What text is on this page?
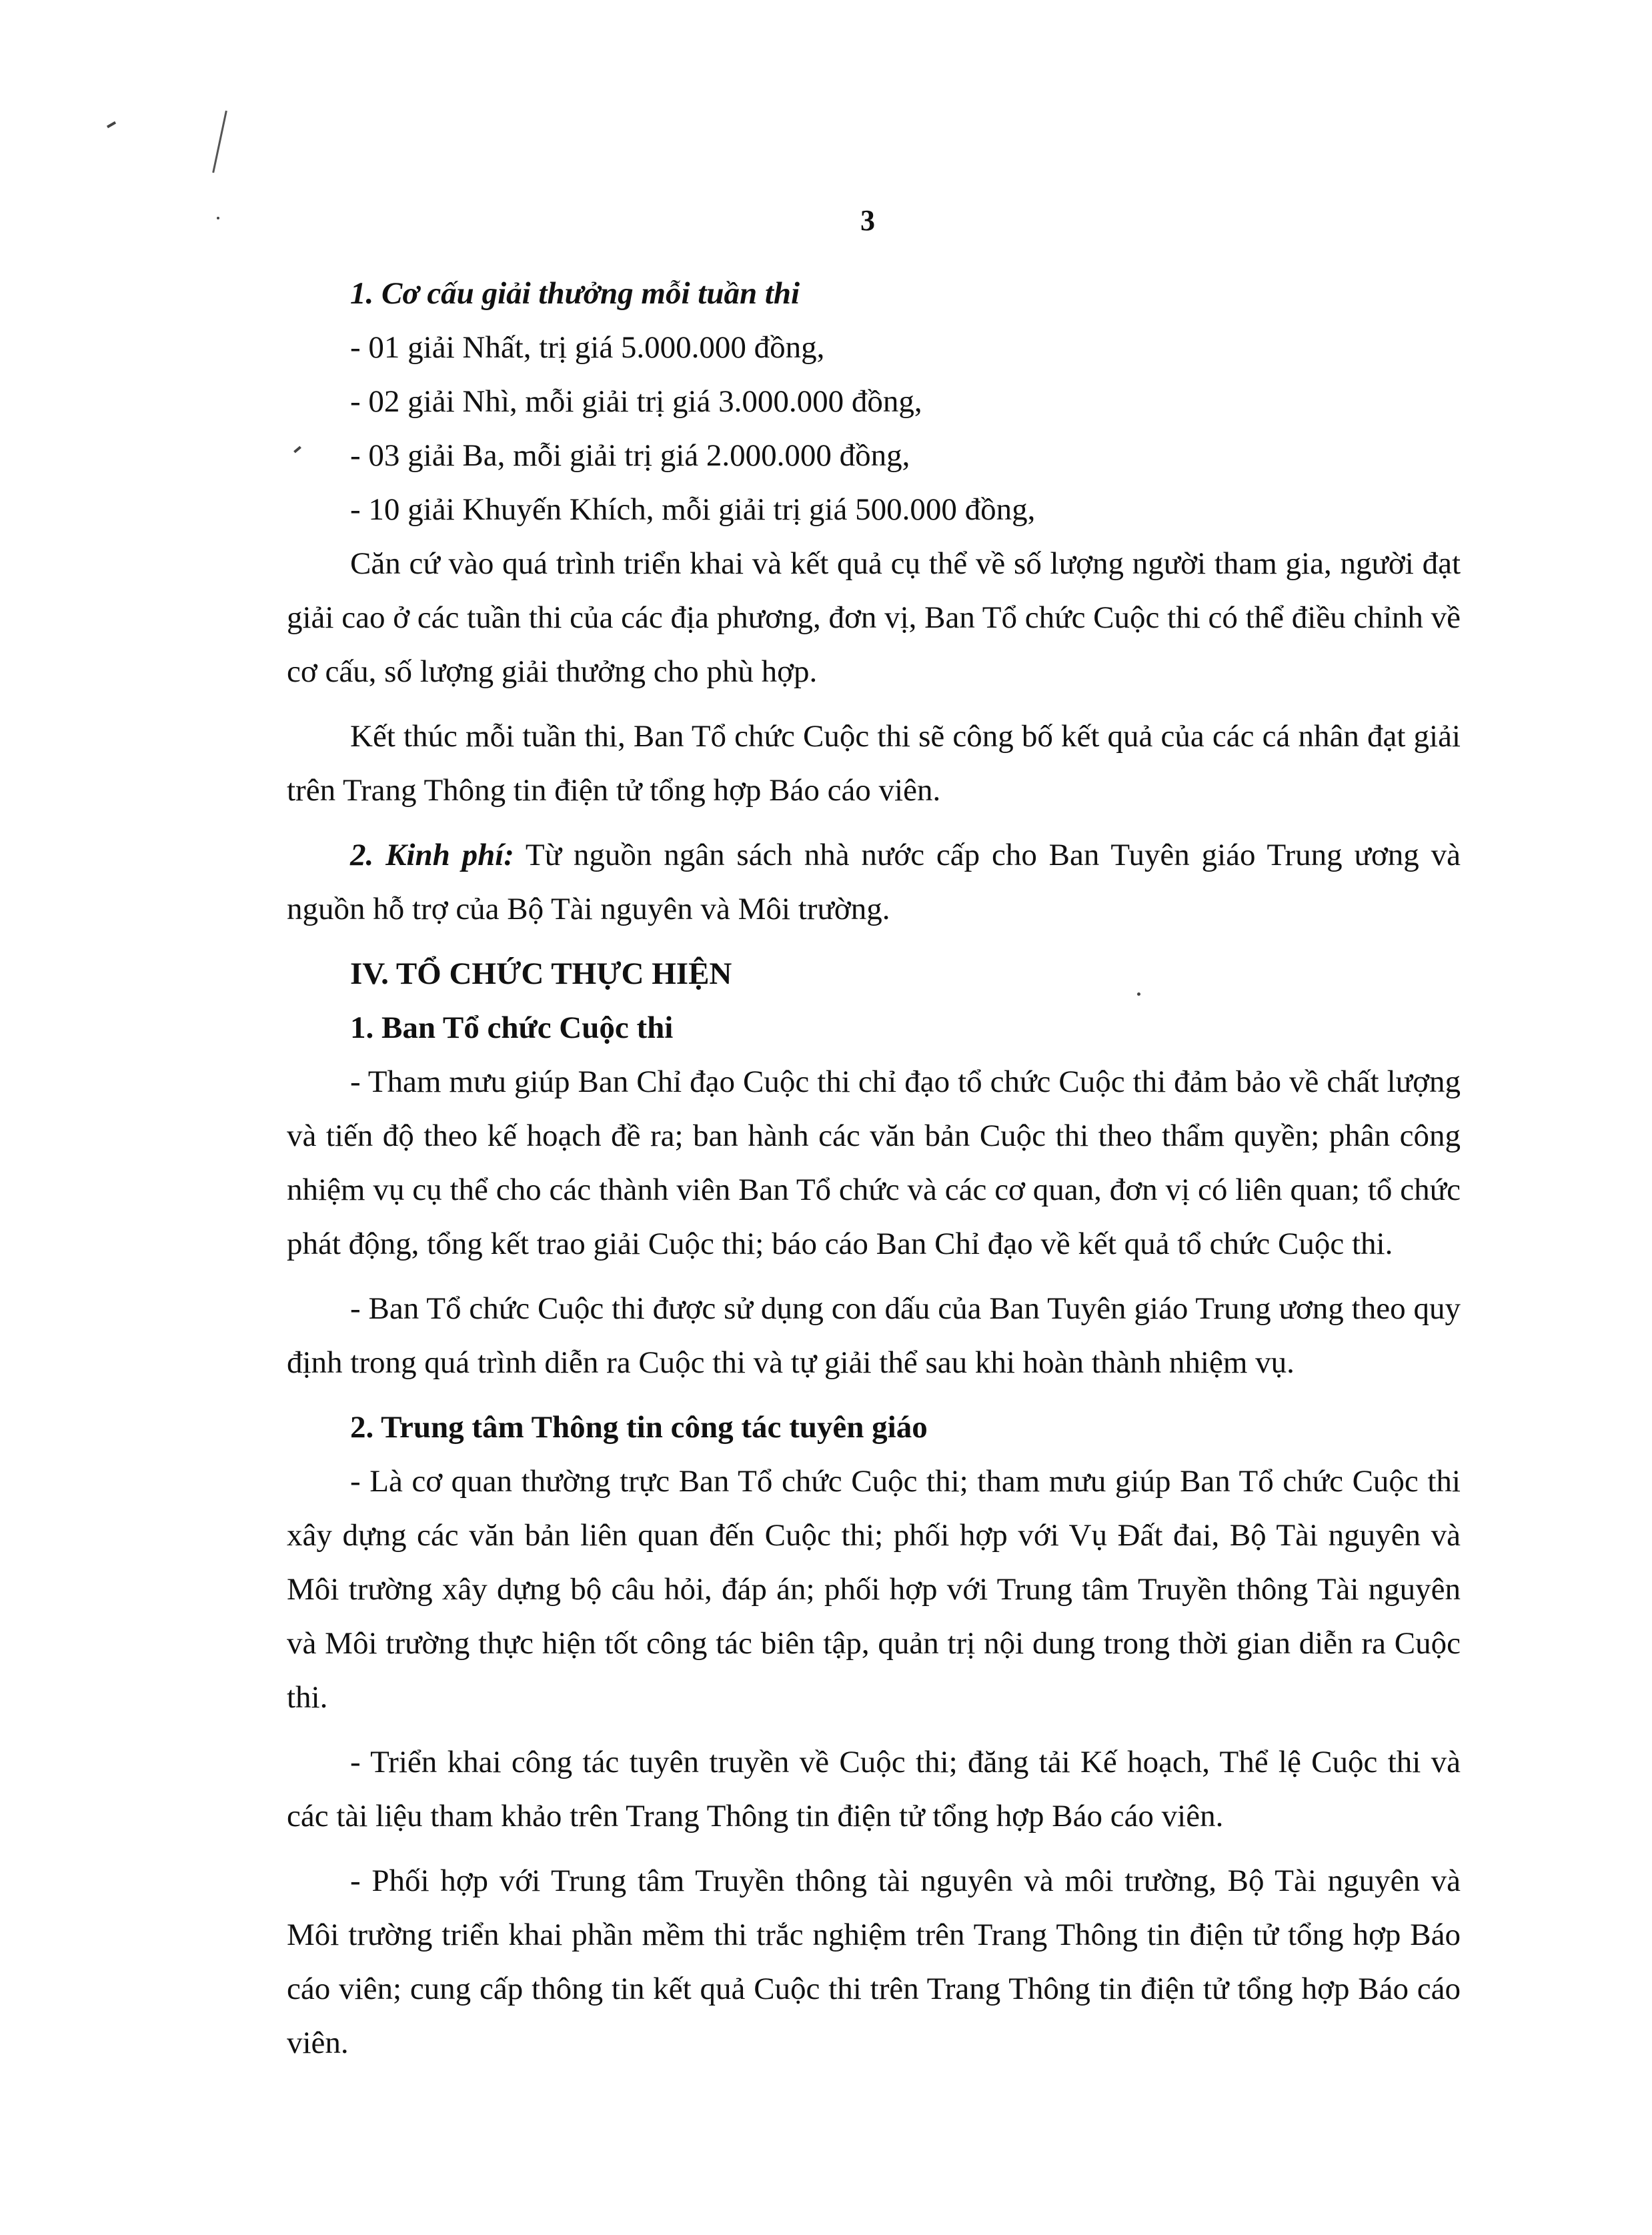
3
1. Cơ cấu giải thưởng mỗi tuần thi

- 01 giải Nhất, trị giá 5.000.000 đồng,

- 02 giải Nhì, mỗi giải trị giá 3.000.000 đồng,

- 03 giải Ba, mỗi giải trị giá 2.000.000 đồng,

- 10 giải Khuyến Khích, mỗi giải trị giá 500.000 đồng,

Căn cứ vào quá trình triển khai và kết quả cụ thể về số lượng người tham gia, người đạt giải cao ở các tuần thi của các địa phương, đơn vị, Ban Tổ chức Cuộc thi có thể điều chỉnh về cơ cấu, số lượng giải thưởng cho phù hợp.

Kết thúc mỗi tuần thi, Ban Tổ chức Cuộc thi sẽ công bố kết quả của các cá nhân đạt giải trên Trang Thông tin điện tử tổng hợp Báo cáo viên.

2. Kinh phí: Từ nguồn ngân sách nhà nước cấp cho Ban Tuyên giáo Trung ương và nguồn hỗ trợ của Bộ Tài nguyên và Môi trường.

IV. TỔ CHỨC THỰC HIỆN
1. Ban Tổ chức Cuộc thi

- Tham mưu giúp Ban Chỉ đạo Cuộc thi chỉ đạo tổ chức Cuộc thi đảm bảo về chất lượng và tiến độ theo kế hoạch đề ra; ban hành các văn bản Cuộc thi theo thẩm quyền; phân công nhiệm vụ cụ thể cho các thành viên Ban Tổ chức và các cơ quan, đơn vị có liên quan; tổ chức phát động, tổng kết trao giải Cuộc thi; báo cáo Ban Chỉ đạo về kết quả tổ chức Cuộc thi.

- Ban Tổ chức Cuộc thi được sử dụng con dấu của Ban Tuyên giáo Trung ương theo quy định trong quá trình diễn ra Cuộc thi và tự giải thể sau khi hoàn thành nhiệm vụ.

2. Trung tâm Thông tin công tác tuyên giáo

- Là cơ quan thường trực Ban Tổ chức Cuộc thi; tham mưu giúp Ban Tổ chức Cuộc thi xây dựng các văn bản liên quan đến Cuộc thi; phối hợp với Vụ Đất đai, Bộ Tài nguyên và Môi trường xây dựng bộ câu hỏi, đáp án; phối hợp với Trung tâm Truyền thông Tài nguyên và Môi trường thực hiện tốt công tác biên tập, quản trị nội dung trong thời gian diễn ra Cuộc thi.

- Triển khai công tác tuyên truyền về Cuộc thi; đăng tải Kế hoạch, Thể lệ Cuộc thi và các tài liệu tham khảo trên Trang Thông tin điện tử tổng hợp Báo cáo viên.

- Phối hợp với Trung tâm Truyền thông tài nguyên và môi trường, Bộ Tài nguyên và Môi trường triển khai phần mềm thi trắc nghiệm trên Trang Thông tin điện tử tổng hợp Báo cáo viên; cung cấp thông tin kết quả Cuộc thi trên Trang Thông tin điện tử tổng hợp Báo cáo viên.
